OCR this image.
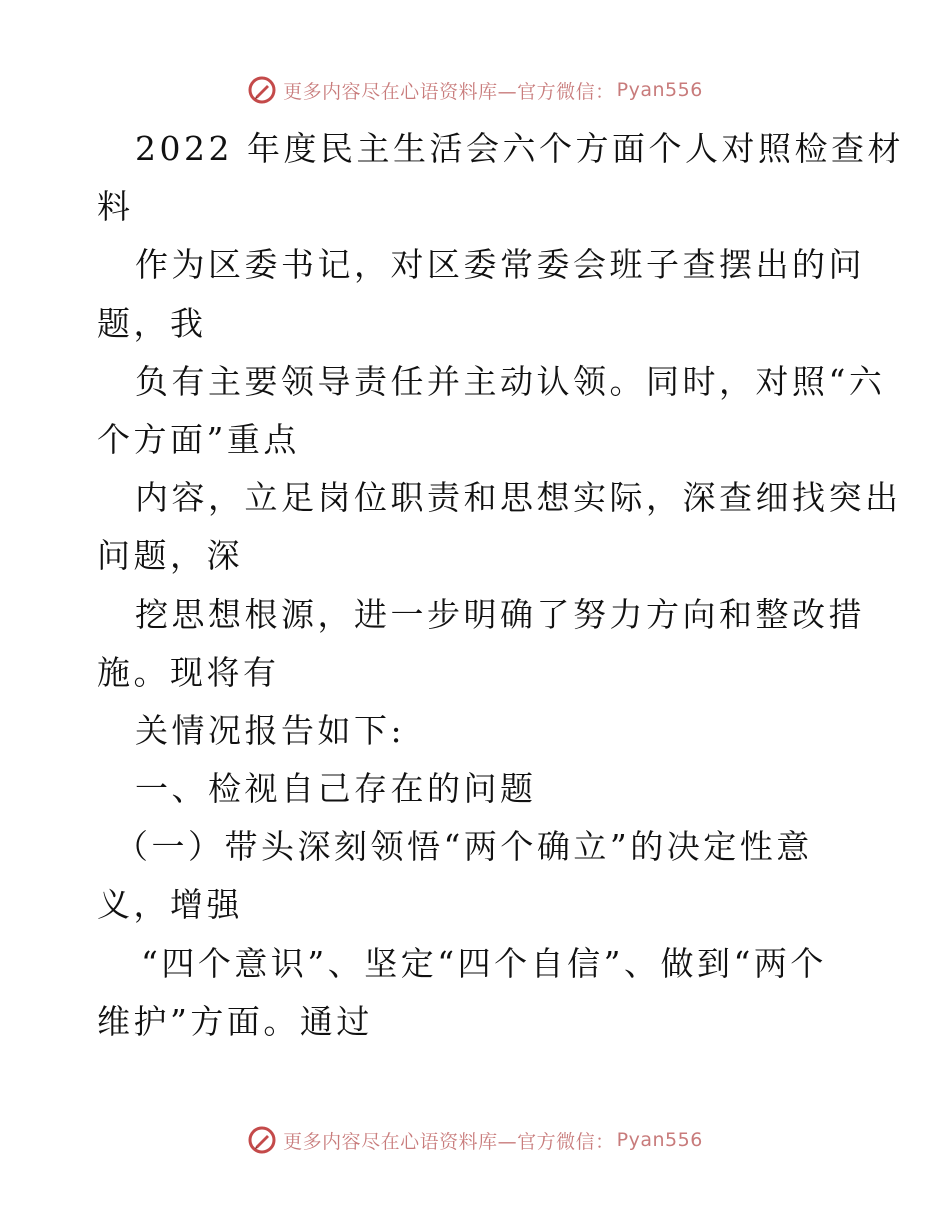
更多内容尽在心语资料库—官方微信： Pyan556
2022 年度民主生活会六个方面个人对照检查材
料
作为区委书记，对区委常委会班子查摆出的问
题，我
负有主要领导责任并主动认领。同时，对照“六
个方面”重点
内容，立足岗位职责和思想实际，深查细找突出
问题，深
挖思想根源，进一步明确了努力方向和整改措
施。现将有
关情况报告如下:
一、检视自己存在的问题
（一）带头深刻领悟“两个确立”的决定性意
义，增强
“四个意识”、坚定“四个自信”、做到“两个
维护”方面。通过
更多内容尽在心语资料库—官方微信： Pyan556
